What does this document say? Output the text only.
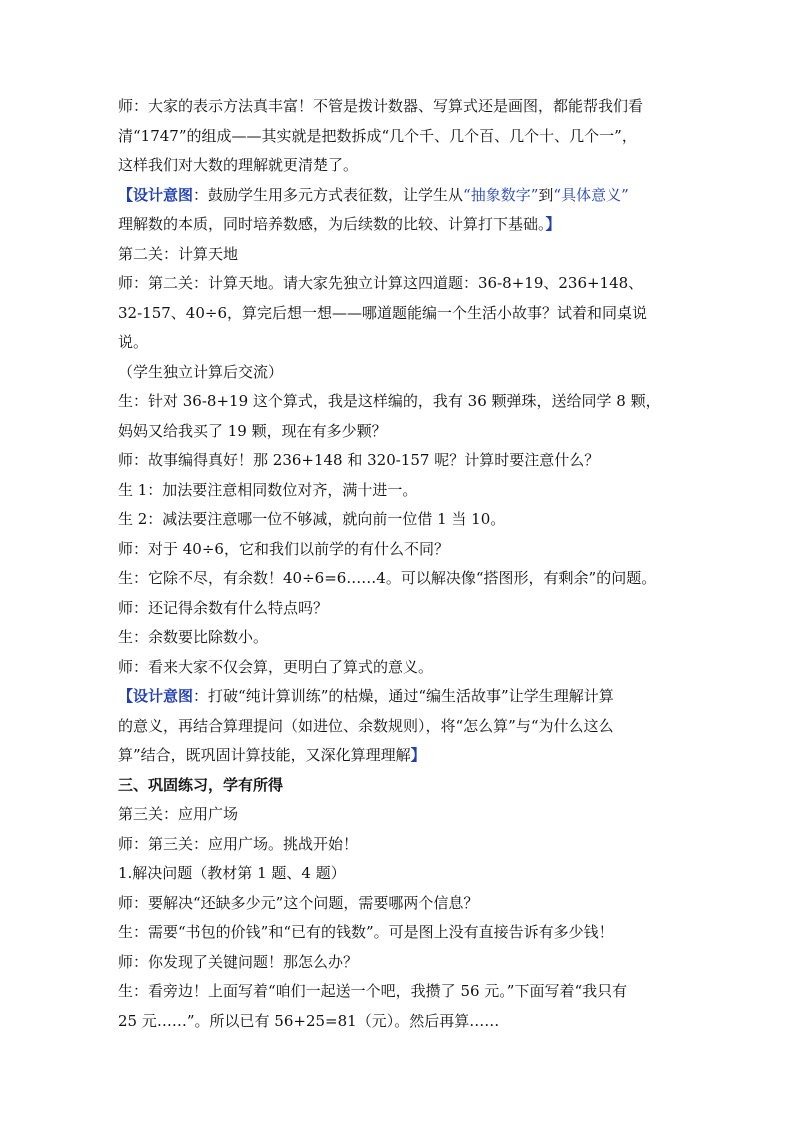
师：大家的表示方法真丰富！不管是拨计数器、写算式还是画图，都能帮我们看
清“1747”的组成——其实就是把数拆成“几个千、几个百、几个十、几个一”，
这样我们对大数的理解就更清楚了。
【设计意图：鼓励学生用多元方式表征数，让学生从“抽象数字”到“具体意义”
理解数的本质，同时培养数感，为后续数的比较、计算打下基础。】
第二关：计算天地
师：第二关：计算天地。请大家先独立计算这四道题：36-8+19、236+148、
32-157、40÷6，算完后想一想——哪道题能编一个生活小故事？试着和同桌说
说。
（学生独立计算后交流）
生：针对 36-8+19 这个算式，我是这样编的，我有 36 颗弹珠，送给同学 8 颗，
妈妈又给我买了 19 颗，现在有多少颗？
师：故事编得真好！那 236+148 和 320-157 呢？计算时要注意什么？
生 1：加法要注意相同数位对齐，满十进一。
生 2：减法要注意哪一位不够减，就向前一位借 1 当 10。
师：对于 40÷6，它和我们以前学的有什么不同？
生：它除不尽，有余数！40÷6=6……4。可以解决像“搭图形，有剩余”的问题。
师：还记得余数有什么特点吗？
生：余数要比除数小。
师：看来大家不仅会算，更明白了算式的意义。
【设计意图：打破“纯计算训练”的枯燥，通过“编生活故事”让学生理解计算
的意义，再结合算理提问（如进位、余数规则），将“怎么算”与“为什么这么
算”结合，既巩固计算技能，又深化算理理解】
三、巩固练习，学有所得
第三关：应用广场
师：第三关：应用广场。挑战开始！
1.解决问题（教材第 1 题、4 题）
师：要解决“还缺多少元”这个问题，需要哪两个信息？
生：需要“书包的价钱”和“已有的钱数”。可是图上没有直接告诉有多少钱！
师：你发现了关键问题！那怎么办？
生：看旁边！上面写着“咱们一起送一个吧，我攒了 56 元。”下面写着“我只有
25 元……”。所以已有 56+25=81（元）。然后再算……
